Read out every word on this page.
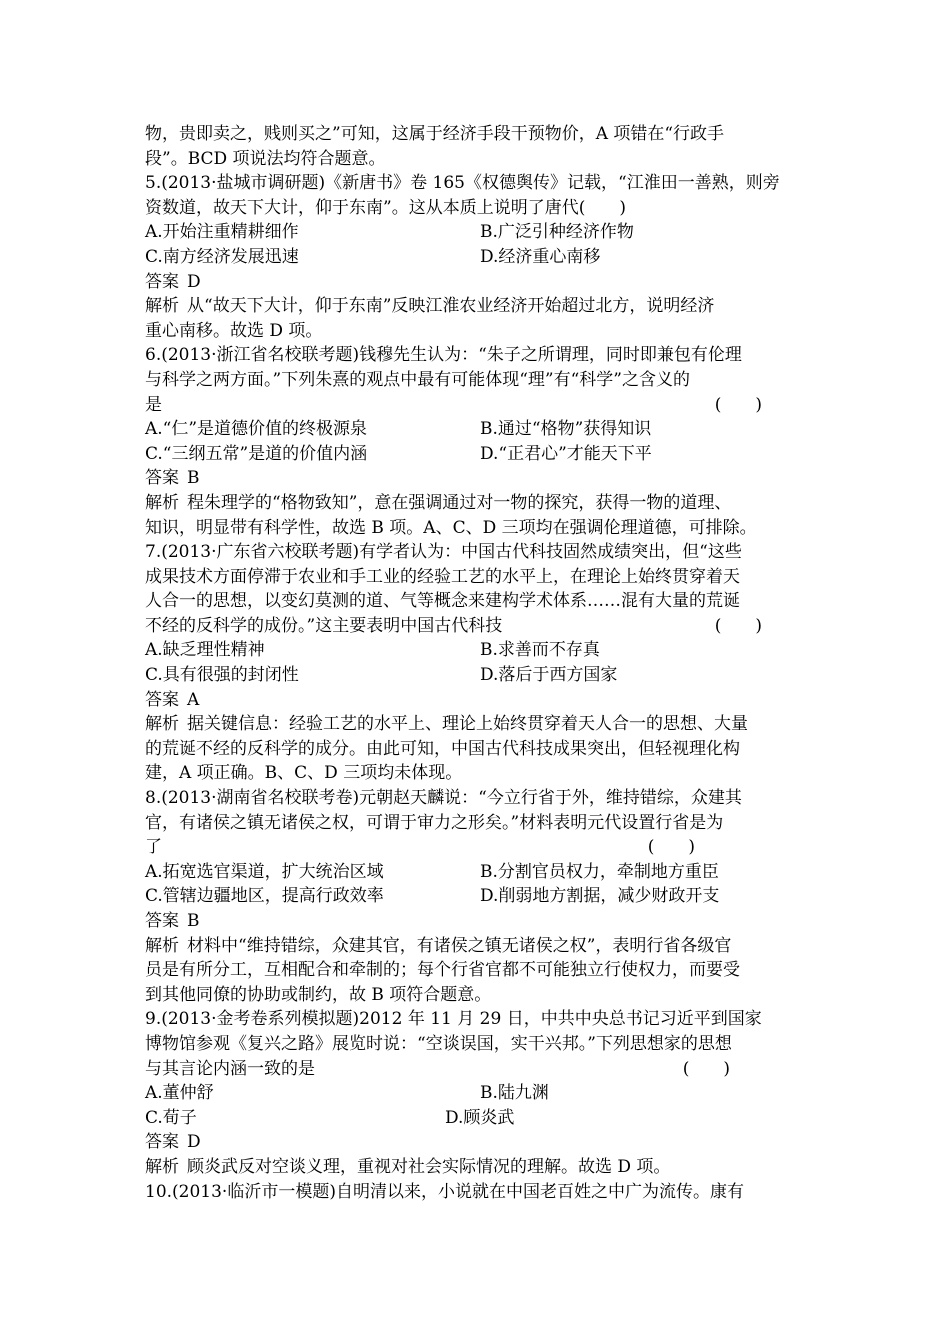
物，贵即卖之，贱则买之”可知，这属于经济手段干预物价，A 项错在“行政手
段”。BCD 项说法均符合题意。
5.(2013·盐城市调研题)《新唐书》卷 165《权德舆传》记载，“江淮田一善熟，则旁
资数道，故天下大计，仰于东南”。这从本质上说明了唐代(　　)
A.开始注重精耕细作	B.广泛引种经济作物
C.南方经济发展迅速	D.经济重心南移
答案 D
解析 从“故天下大计，仰于东南”反映江淮农业经济开始超过北方，说明经济
重心南移。故选 D 项。
6.(2013·浙江省名校联考题)钱穆先生认为：“朱子之所谓理，同时即兼包有伦理
与科学之两方面。”下列朱熹的观点中最有可能体现“理”有“科学”之含义的
是	(　　)
A.“仁”是道德价值的终极源泉	B.通过“格物”获得知识
C.“三纲五常”是道的价值内涵	D.“正君心”才能天下平
答案 B
解析 程朱理学的“格物致知”，意在强调通过对一物的探究，获得一物的道理、
知识，明显带有科学性，故选 B 项。A、C、D 三项均在强调伦理道德，可排除。
7.(2013·广东省六校联考题)有学者认为：中国古代科技固然成绩突出，但“这些
成果技术方面停滞于农业和手工业的经验工艺的水平上，在理论上始终贯穿着天
人合一的思想，以变幻莫测的道、气等概念来建构学术体系……混有大量的荒诞
不经的反科学的成份。”这主要表明中国古代科技	(　　)
A.缺乏理性精神	B.求善而不存真
C.具有很强的封闭性	D.落后于西方国家
答案 A
解析 据关键信息：经验工艺的水平上、理论上始终贯穿着天人合一的思想、大量
的荒诞不经的反科学的成分。由此可知，中国古代科技成果突出，但轻视理化构
建，A 项正确。B、C、D 三项均未体现。
8.(2013·湖南省名校联考卷)元朝赵天麟说：“今立行省于外，维持错综，众建其
官，有诸侯之镇无诸侯之权，可谓于审力之形矣。”材料表明元代设置行省是为
了	(　　)
A.拓宽选官渠道，扩大统治区域	B.分割官员权力，牵制地方重臣
C.管辖边疆地区，提高行政效率	D.削弱地方割据，减少财政开支
答案 B
解析 材料中“维持错综，众建其官，有诸侯之镇无诸侯之权”，表明行省各级官
员是有所分工，互相配合和牵制的；每个行省官都不可能独立行使权力，而要受
到其他同僚的协助或制约，故 B 项符合题意。
9.(2013·金考卷系列模拟题)2012 年 11 月 29 日，中共中央总书记习近平到国家
博物馆参观《复兴之路》展览时说：“空谈误国，实干兴邦。”下列思想家的思想
与其言论内涵一致的是	(　　)
A.董仲舒	B.陆九渊
C.荀子	D.顾炎武
答案 D
解析 顾炎武反对空谈义理，重视对社会实际情况的理解。故选 D 项。
10.(2013·临沂市一模题)自明清以来，小说就在中国老百姓之中广为流传。康有
